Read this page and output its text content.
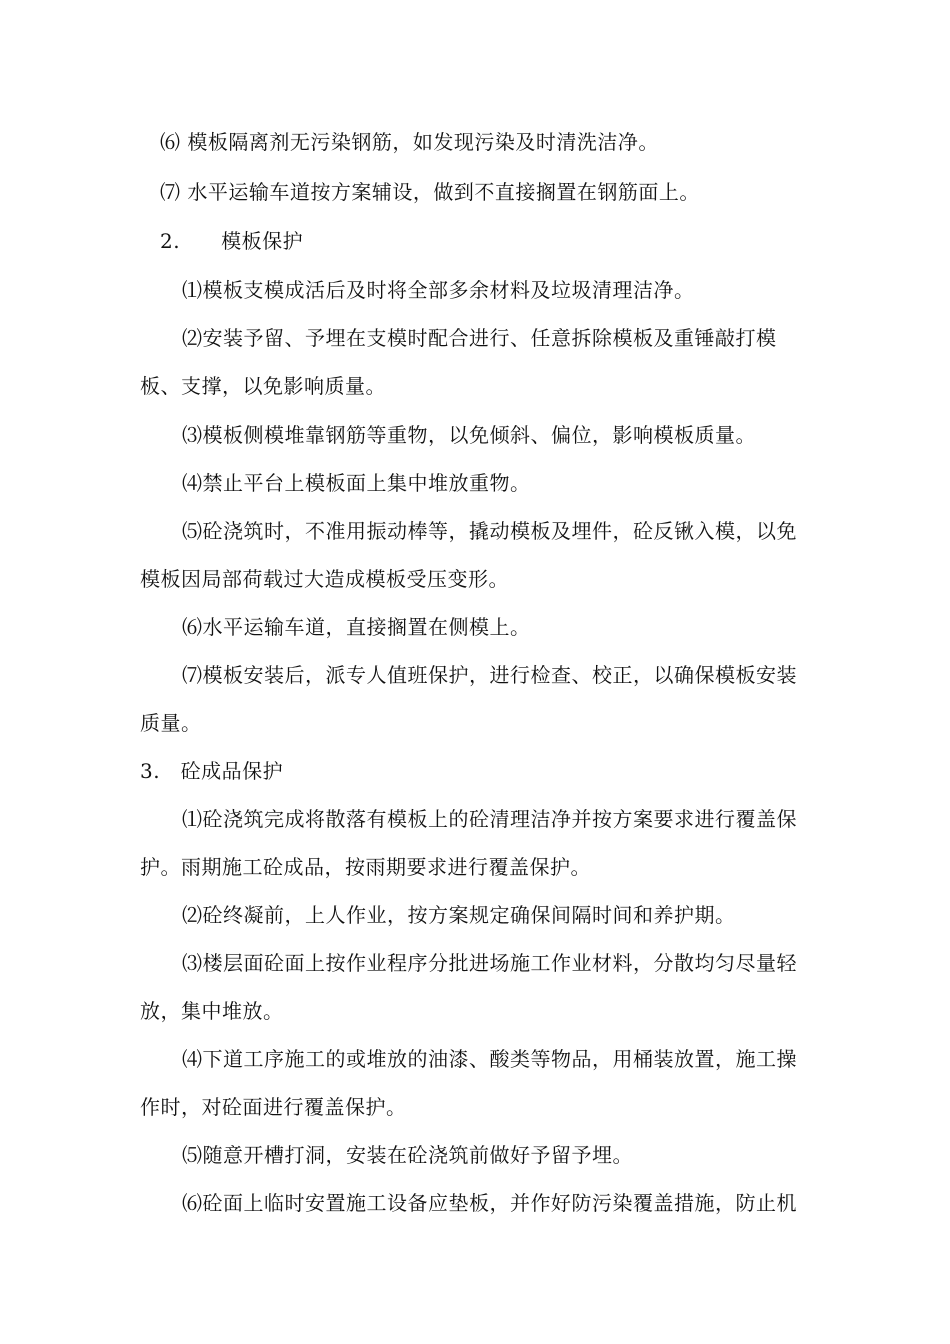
⑹ 模板隔离剂无污染钢筋，如发现污染及时清洗洁净。
⑺ 水平运输车道按方案辅设，做到不直接搁置在钢筋面上。
2.　　模板保护
⑴模板支模成活后及时将全部多余材料及垃圾清理洁净。
⑵安装予留、予埋在支模时配合进行、任意拆除模板及重锤敲打模
板、支撑，以免影响质量。
⑶模板侧模堆靠钢筋等重物，以免倾斜、偏位，影响模板质量。
⑷禁止平台上模板面上集中堆放重物。
⑸砼浇筑时，不准用振动棒等，撬动模板及埋件，砼反锹入模，以免
模板因局部荷载过大造成模板受压变形。
⑹水平运输车道，直接搁置在侧模上。
⑺模板安装后，派专人值班保护，进行检查、校正，以确保模板安装
质量。
3.　砼成品保护
⑴砼浇筑完成将散落有模板上的砼清理洁净并按方案要求进行覆盖保
护。雨期施工砼成品，按雨期要求进行覆盖保护。
⑵砼终凝前，上人作业，按方案规定确保间隔时间和养护期。
⑶楼层面砼面上按作业程序分批进场施工作业材料，分散均匀尽量轻
放，集中堆放。
⑷下道工序施工的或堆放的油漆、酸类等物品，用桶装放置，施工操
作时，对砼面进行覆盖保护。
⑸随意开槽打洞，安装在砼浇筑前做好予留予埋。
⑹砼面上临时安置施工设备应垫板，并作好防污染覆盖措施，防止机
